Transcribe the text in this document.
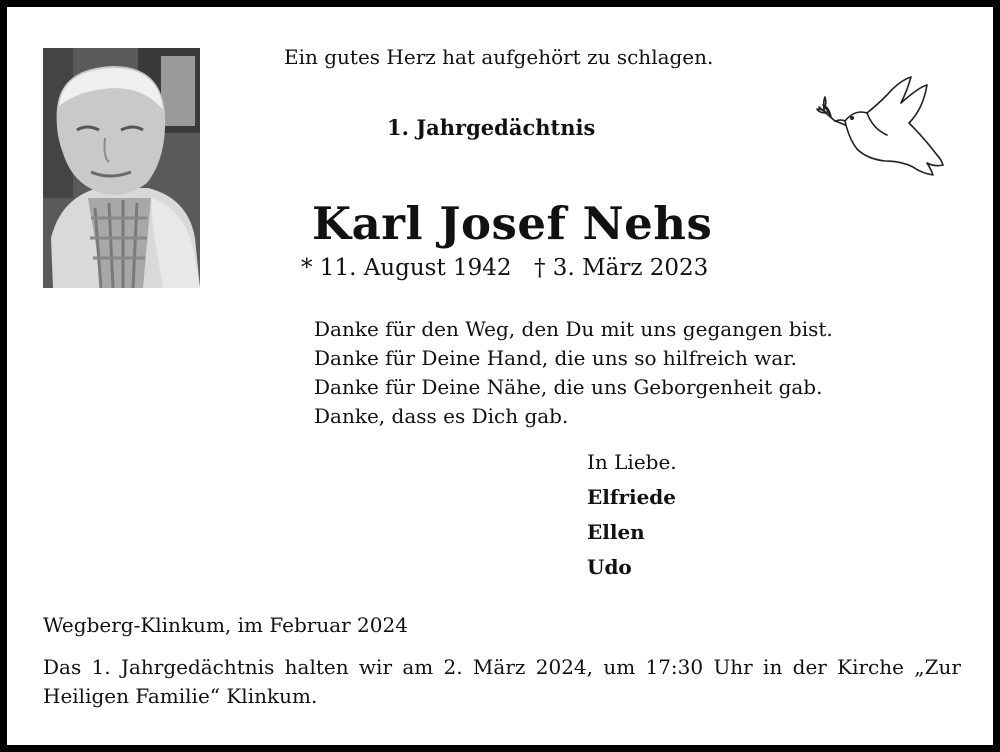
Ein gutes Herz hat aufgehört zu schlagen.
1. Jahrgedächtnis
Karl Josef Nehs
* 11. August 1942 † 3. März 2023
Danke für den Weg, den Du mit uns gegangen bist.
Danke für Deine Hand, die uns so hilfreich war.
Danke für Deine Nähe, die uns Geborgenheit gab.
Danke, dass es Dich gab.
In Liebe.
Elfriede
Ellen
Udo
Wegberg-Klinkum, im Februar 2024
Das 1. Jahrgedächtnis halten wir am 2. März 2024, um 17:30 Uhr in der Kirche „Zur Heiligen Familie“ Klinkum.
